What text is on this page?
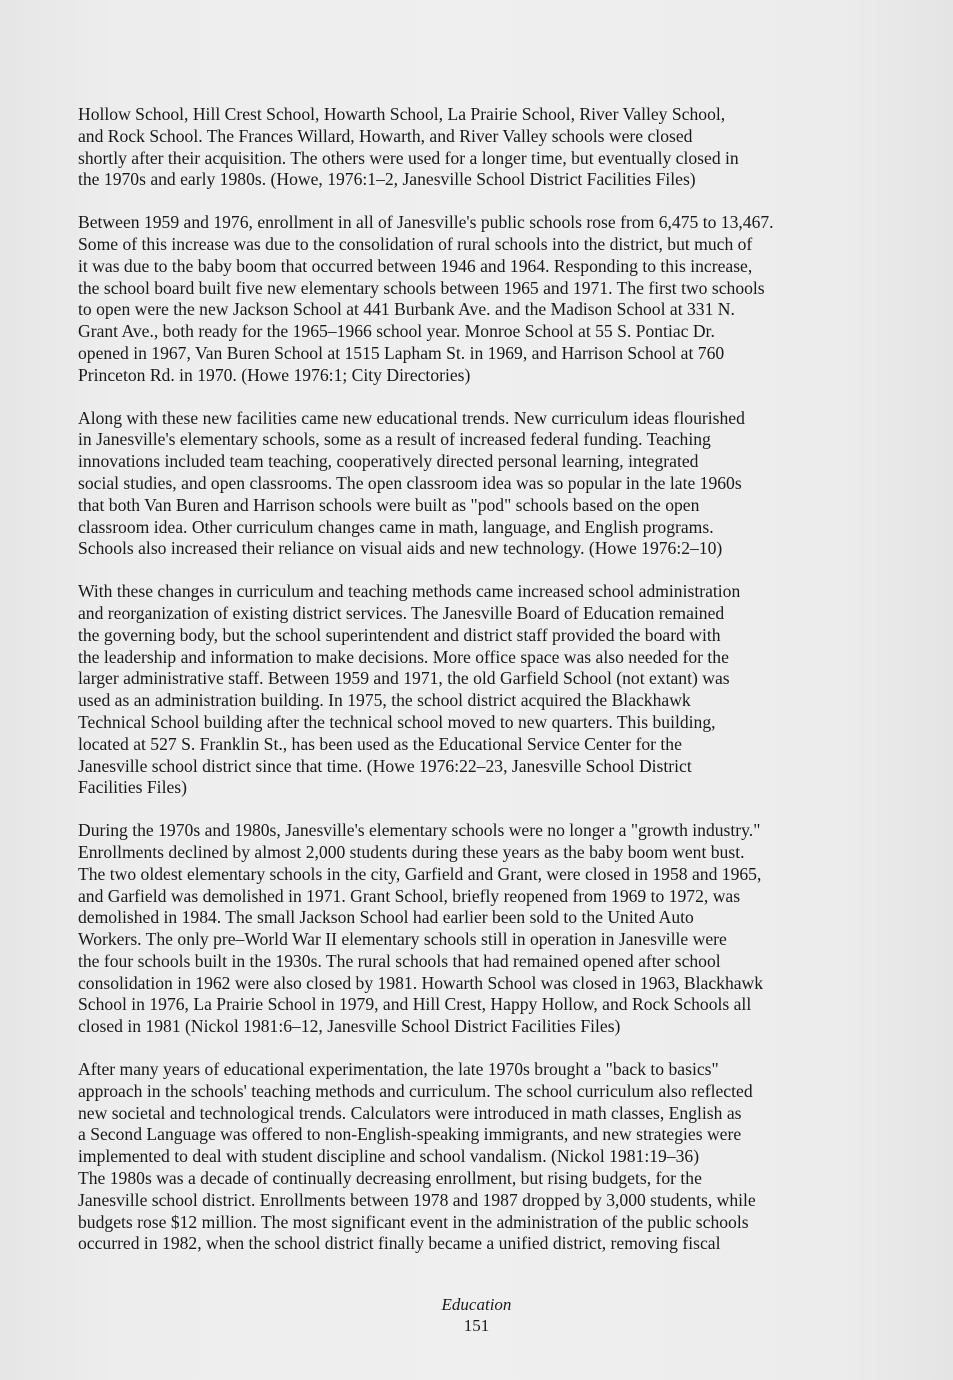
Hollow School, Hill Crest School, Howarth School, La Prairie School, River Valley School,
and Rock School. The Frances Willard, Howarth, and River Valley schools were closed
shortly after their acquisition. The others were used for a longer time, but eventually closed in
the 1970s and early 1980s. (Howe, 1976:1–2, Janesville School District Facilities Files)
Between 1959 and 1976, enrollment in all of Janesville's public schools rose from 6,475 to 13,467.
Some of this increase was due to the consolidation of rural schools into the district, but much of
it was due to the baby boom that occurred between 1946 and 1964. Responding to this increase,
the school board built five new elementary schools between 1965 and 1971. The first two schools
to open were the new Jackson School at 441 Burbank Ave. and the Madison School at 331 N.
Grant Ave., both ready for the 1965–1966 school year. Monroe School at 55 S. Pontiac Dr.
opened in 1967, Van Buren School at 1515 Lapham St. in 1969, and Harrison School at 760
Princeton Rd. in 1970. (Howe 1976:1; City Directories)
Along with these new facilities came new educational trends. New curriculum ideas flourished
in Janesville's elementary schools, some as a result of increased federal funding. Teaching
innovations included team teaching, cooperatively directed personal learning, integrated
social studies, and open classrooms. The open classroom idea was so popular in the late 1960s
that both Van Buren and Harrison schools were built as "pod" schools based on the open
classroom idea. Other curriculum changes came in math, language, and English programs.
Schools also increased their reliance on visual aids and new technology. (Howe 1976:2–10)
With these changes in curriculum and teaching methods came increased school administration
and reorganization of existing district services. The Janesville Board of Education remained
the governing body, but the school superintendent and district staff provided the board with
the leadership and information to make decisions. More office space was also needed for the
larger administrative staff. Between 1959 and 1971, the old Garfield School (not extant) was
used as an administration building. In 1975, the school district acquired the Blackhawk
Technical School building after the technical school moved to new quarters. This building,
located at 527 S. Franklin St., has been used as the Educational Service Center for the
Janesville school district since that time. (Howe 1976:22–23, Janesville School District
Facilities Files)
During the 1970s and 1980s, Janesville's elementary schools were no longer a "growth industry."
Enrollments declined by almost 2,000 students during these years as the baby boom went bust.
The two oldest elementary schools in the city, Garfield and Grant, were closed in 1958 and 1965,
and Garfield was demolished in 1971. Grant School, briefly reopened from 1969 to 1972, was
demolished in 1984. The small Jackson School had earlier been sold to the United Auto
Workers. The only pre–World War II elementary schools still in operation in Janesville were
the four schools built in the 1930s. The rural schools that had remained opened after school
consolidation in 1962 were also closed by 1981. Howarth School was closed in 1963, Blackhawk
School in 1976, La Prairie School in 1979, and Hill Crest, Happy Hollow, and Rock Schools all
closed in 1981 (Nickol 1981:6–12, Janesville School District Facilities Files)
After many years of educational experimentation, the late 1970s brought a "back to basics"
approach in the schools' teaching methods and curriculum. The school curriculum also reflected
new societal and technological trends. Calculators were introduced in math classes, English as
a Second Language was offered to non-English-speaking immigrants, and new strategies were
implemented to deal with student discipline and school vandalism. (Nickol 1981:19–36)
The 1980s was a decade of continually decreasing enrollment, but rising budgets, for the
Janesville school district. Enrollments between 1978 and 1987 dropped by 3,000 students, while
budgets rose $12 million. The most significant event in the administration of the public schools
occurred in 1982, when the school district finally became a unified district, removing fiscal
Education
151
